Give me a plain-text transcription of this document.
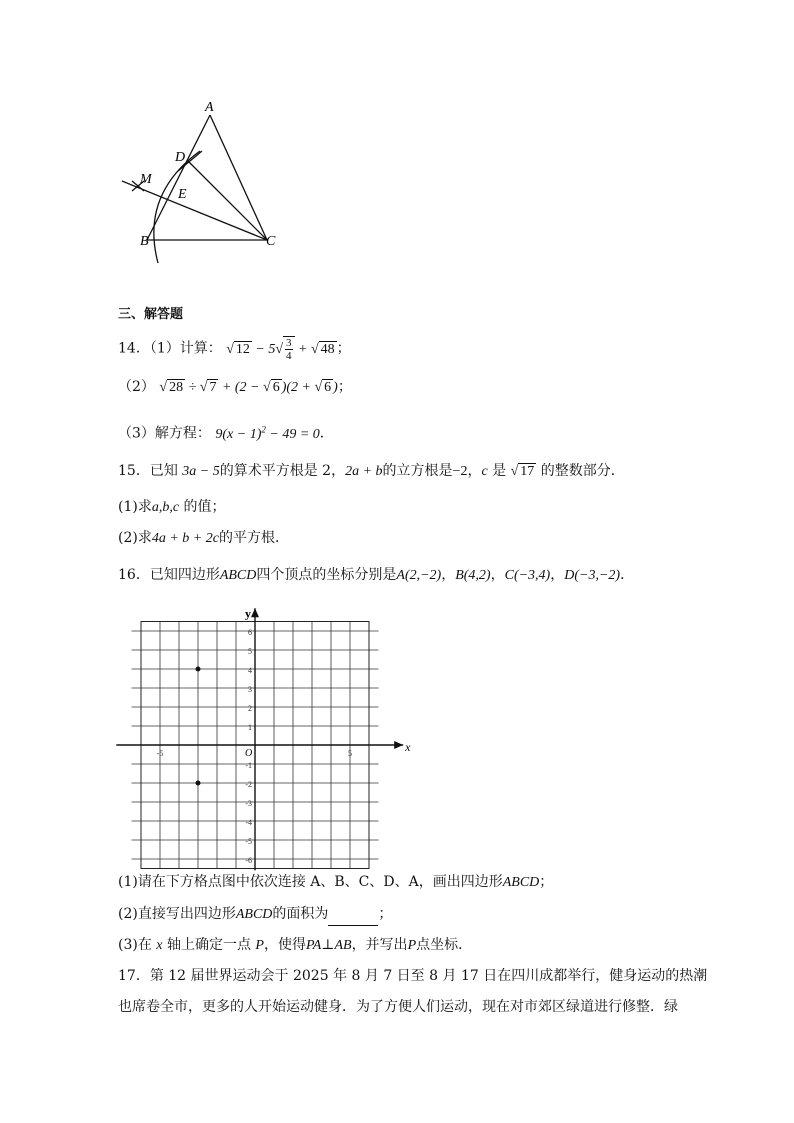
A
D
M
E
B	C
三、解答题
14．（1）计算： √ $12 - 5√ \frac{3}{4}$ + √ 48 ；
（2） √ 28 ÷ √ 7 + (2 − √ 6 )(2 + √ 6 )；
（3）解方程： $9(x - 1)^2 - 49 = 0$．
15．已知 3a − 5的算术平方根是 2，2a + b的立方根是−2，c 是 √ 17 的整数部分．
(1)求a,b,c 的值；
(2)求4a + b + 2c的平方根．
16．已知四边形ABCD四个顶点的坐标分别是A(2,−2)，B(4,2)，C(−3,4)，D(−3,−2)．
y
x
O
6
5
4
3
2
1
-1
-2
-3
-4
-5
-6
-5	5
(1)请在下方格点图中依次连接 A、B、C、D、A，画出四边形ABCD；
(2)直接写出四边形ABCD的面积为	；
(3)在 x 轴上确定一点 P，使得PA⊥AB，并写出P点坐标．
17．第 12 届世界运动会于 2025 年 8 月 7 日至 8 月 17 日在四川成都举行，健身运动的热潮
也席卷全市，更多的人开始运动健身．为了方便人们运动，现在对市郊区绿道进行修整．绿
